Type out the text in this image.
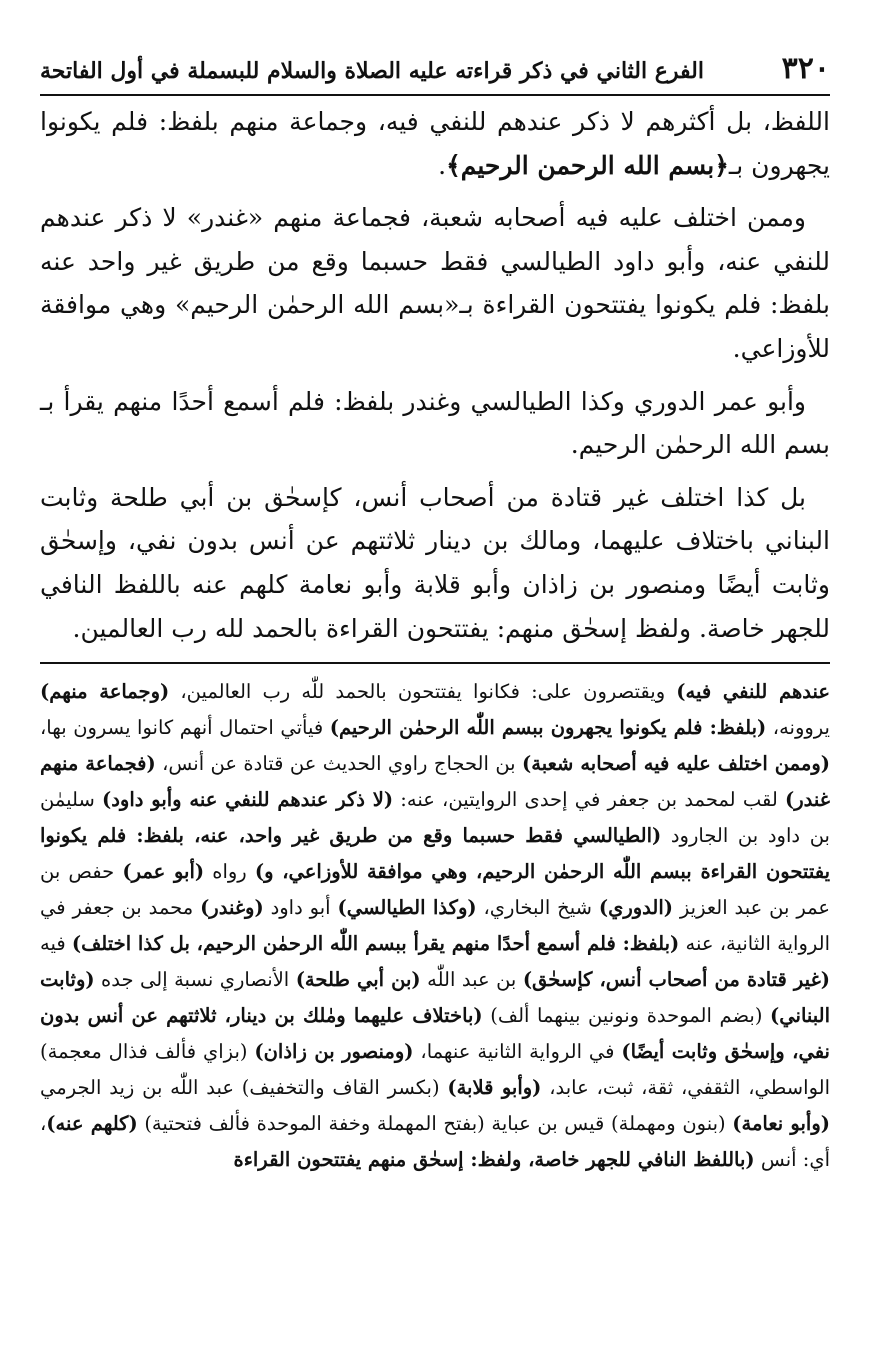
٣٢٠
الفرع الثاني في ذكر قراءته عليه الصلاة والسلام للبسملة في أول الفاتحة

اللفظ، بل أكثرهم لا ذكر عندهم للنفي فيه، وجماعة منهم بلفظ: فلم يكونوا يجهرون بـ﴿بسم الله الرحمن الرحيم﴾.

وممن اختلف عليه فيه أصحابه شعبة، فجماعة منهم «غندر» لا ذكر عندهم للنفي عنه، وأبو داود الطيالسي فقط حسبما وقع من طريق غير واحد عنه بلفظ: فلم يكونوا يفتتحون القراءة بـ«بسم الله الرحمٰن الرحيم» وهي موافقة للأوزاعي.

وأبو عمر الدوري وكذا الطيالسي وغندر بلفظ: فلم أسمع أحدًا منهم يقرأ بـ بسم الله الرحمٰن الرحيم.

بل كذا اختلف غير قتادة من أصحاب أنس، كإسحٰق بن أبي طلحة وثابت البناني باختلاف عليهما، ومالك بن دينار ثلاثتهم عن أنس بدون نفي، وإسحٰق وثابت أيضًا ومنصور بن زاذان وأبو قلابة وأبو نعامة كلهم عنه باللفظ النافي للجهر خاصة. ولفظ إسحٰق منهم: يفتتحون القراءة بالحمد لله رب العالمين.

عندهم للنفي فيه) ويقتصرون على: فكانوا يفتتحون بالحمد للّٰه رب العالمين، (وجماعة منهم) يروونه، (بلفظ: فلم يكونوا يجهرون ببسم اللّٰه الرحمٰن الرحيم) فيأتي احتمال أنهم كانوا يسرون بها، (وممن اختلف عليه فيه أصحابه شعبة) بن الحجاج راوي الحديث عن قتادة عن أنس، (فجماعة منهم غندر) لقب لمحمد بن جعفر في إحدى الروايتين، عنه: (لا ذكر عندهم للنفي عنه وأبو داود) سليمٰن بن داود بن الجارود (الطيالسي فقط حسبما وقع من طريق غير واحد، عنه، بلفظ: فلم يكونوا يفتتحون القراءة ببسم اللّٰه الرحمٰن الرحيم، وهي موافقة للأوزاعي، و) رواه (أبو عمر) حفص بن عمر بن عبد العزيز (الدوري) شيخ البخاري، (وكذا الطيالسي) أبو داود (وغندر) محمد بن جعفر في الرواية الثانية، عنه (بلفظ: فلم أسمع أحدًا منهم يقرأ ببسم اللّٰه الرحمٰن الرحيم، بل كذا اختلف) فيه (غير قتادة من أصحاب أنس، كإسحٰق) بن عبد اللّٰه (بن أبي طلحة) الأنصاري نسبة إلى جده (وثابت البناني) (بضم الموحدة ونونين بينهما ألف) (باختلاف عليهما ومٰلك بن دينار، ثلاثتهم عن أنس بدون نفي، وإسحٰق وثابت أيضًا) في الرواية الثانية عنهما، (ومنصور بن زاذان) (بزاي فألف فذال معجمة) الواسطي، الثقفي، ثقة، ثبت، عابد، (وأبو قلابة) (بكسر القاف والتخفيف) عبد اللّٰه بن زيد الجرمي (وأبو نعامة) (بنون ومهملة) قيس بن عباية (بفتح المهملة وخفة الموحدة فألف فتحتية) (كلهم عنه)، أي: أنس (باللفظ النافي للجهر خاصة، ولفظ: إسحٰق منهم يفتتحون القراءة
